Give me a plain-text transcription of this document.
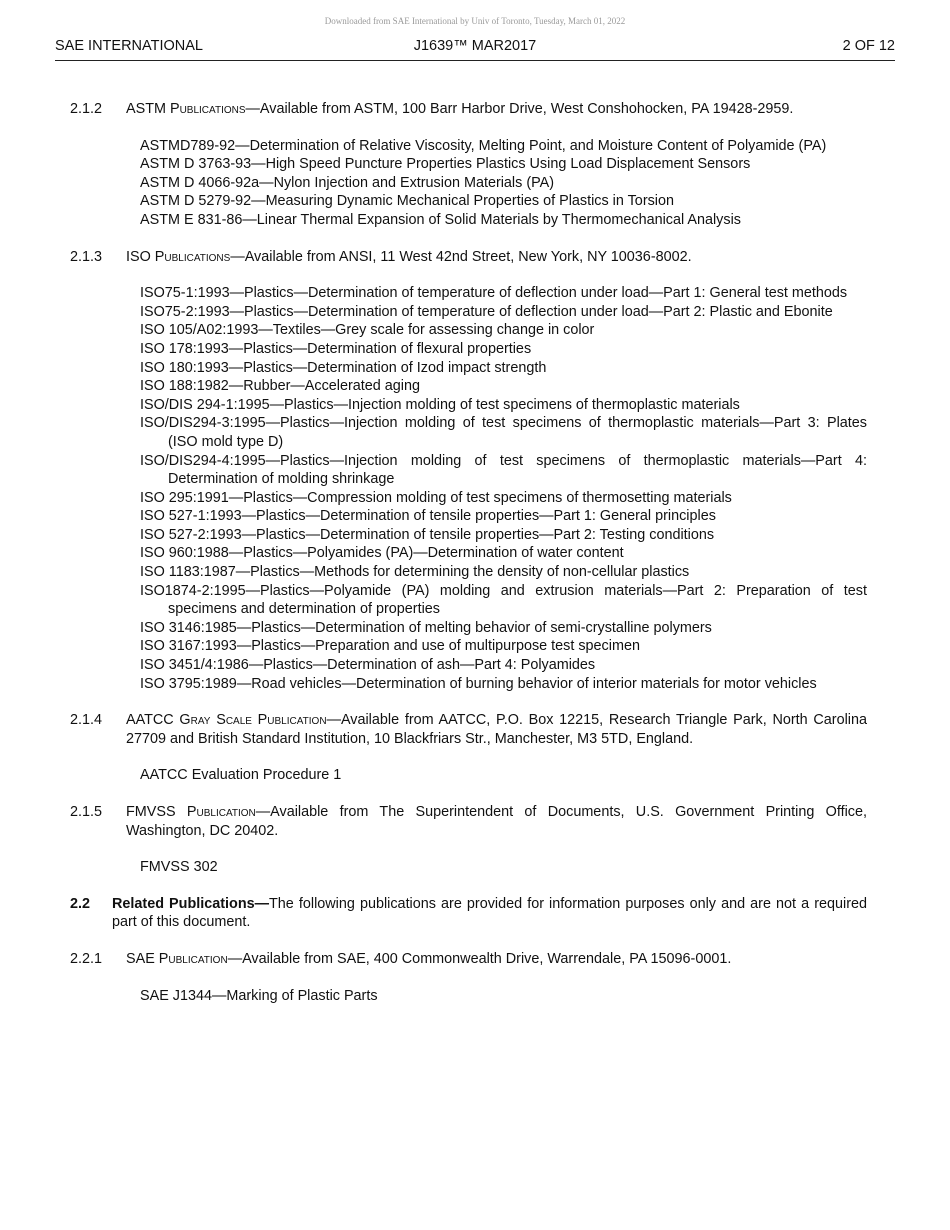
Downloaded from SAE International by Univ of Toronto, Tuesday, March 01, 2022
SAE INTERNATIONAL	J1639™ MAR2017	2 OF 12
2.1.2 ASTM Publications—Available from ASTM, 100 Barr Harbor Drive, West Conshohocken, PA 19428-2959.
ASTMD789-92—Determination of Relative Viscosity, Melting Point, and Moisture Content of Polyamide (PA)
ASTM D 3763-93—High Speed Puncture Properties Plastics Using Load Displacement Sensors
ASTM D 4066-92a—Nylon Injection and Extrusion Materials (PA)
ASTM D 5279-92—Measuring Dynamic Mechanical Properties of Plastics in Torsion
ASTM E 831-86—Linear Thermal Expansion of Solid Materials by Thermomechanical Analysis
2.1.3 ISO Publications—Available from ANSI, 11 West 42nd Street, New York, NY 10036-8002.
ISO75-1:1993—Plastics—Determination of temperature of deflection under load—Part 1: General test methods
ISO75-2:1993—Plastics—Determination of temperature of deflection under load—Part 2: Plastic and Ebonite
ISO 105/A02:1993—Textiles—Grey scale for assessing change in color
ISO 178:1993—Plastics—Determination of flexural properties
ISO 180:1993—Plastics—Determination of Izod impact strength
ISO 188:1982—Rubber—Accelerated aging
ISO/DIS 294-1:1995—Plastics—Injection molding of test specimens of thermoplastic materials
ISO/DIS294-3:1995—Plastics—Injection molding of test specimens of thermoplastic materials—Part 3: Plates (ISO mold type D)
ISO/DIS294-4:1995—Plastics—Injection molding of test specimens of thermoplastic materials—Part 4: Determination of molding shrinkage
ISO 295:1991—Plastics—Compression molding of test specimens of thermosetting materials
ISO 527-1:1993—Plastics—Determination of tensile properties—Part 1: General principles
ISO 527-2:1993—Plastics—Determination of tensile properties—Part 2: Testing conditions
ISO 960:1988—Plastics—Polyamides (PA)—Determination of water content
ISO 1183:1987—Plastics—Methods for determining the density of non-cellular plastics
ISO1874-2:1995—Plastics—Polyamide (PA) molding and extrusion materials—Part 2: Preparation of test specimens and determination of properties
ISO 3146:1985—Plastics—Determination of melting behavior of semi-crystalline polymers
ISO 3167:1993—Plastics—Preparation and use of multipurpose test specimen
ISO 3451/4:1986—Plastics—Determination of ash—Part 4: Polyamides
ISO 3795:1989—Road vehicles—Determination of burning behavior of interior materials for motor vehicles
2.1.4 AATCC Gray Scale Publication—Available from AATCC, P.O. Box 12215, Research Triangle Park, North Carolina 27709 and British Standard Institution, 10 Blackfriars Str., Manchester, M3 5TD, England.
AATCC Evaluation Procedure 1
2.1.5 FMVSS Publication—Available from The Superintendent of Documents, U.S. Government Printing Office, Washington, DC 20402.
FMVSS 302
2.2 Related Publications—The following publications are provided for information purposes only and are not a required part of this document.
2.2.1 SAE Publication—Available from SAE, 400 Commonwealth Drive, Warrendale, PA 15096-0001.
SAE J1344—Marking of Plastic Parts
